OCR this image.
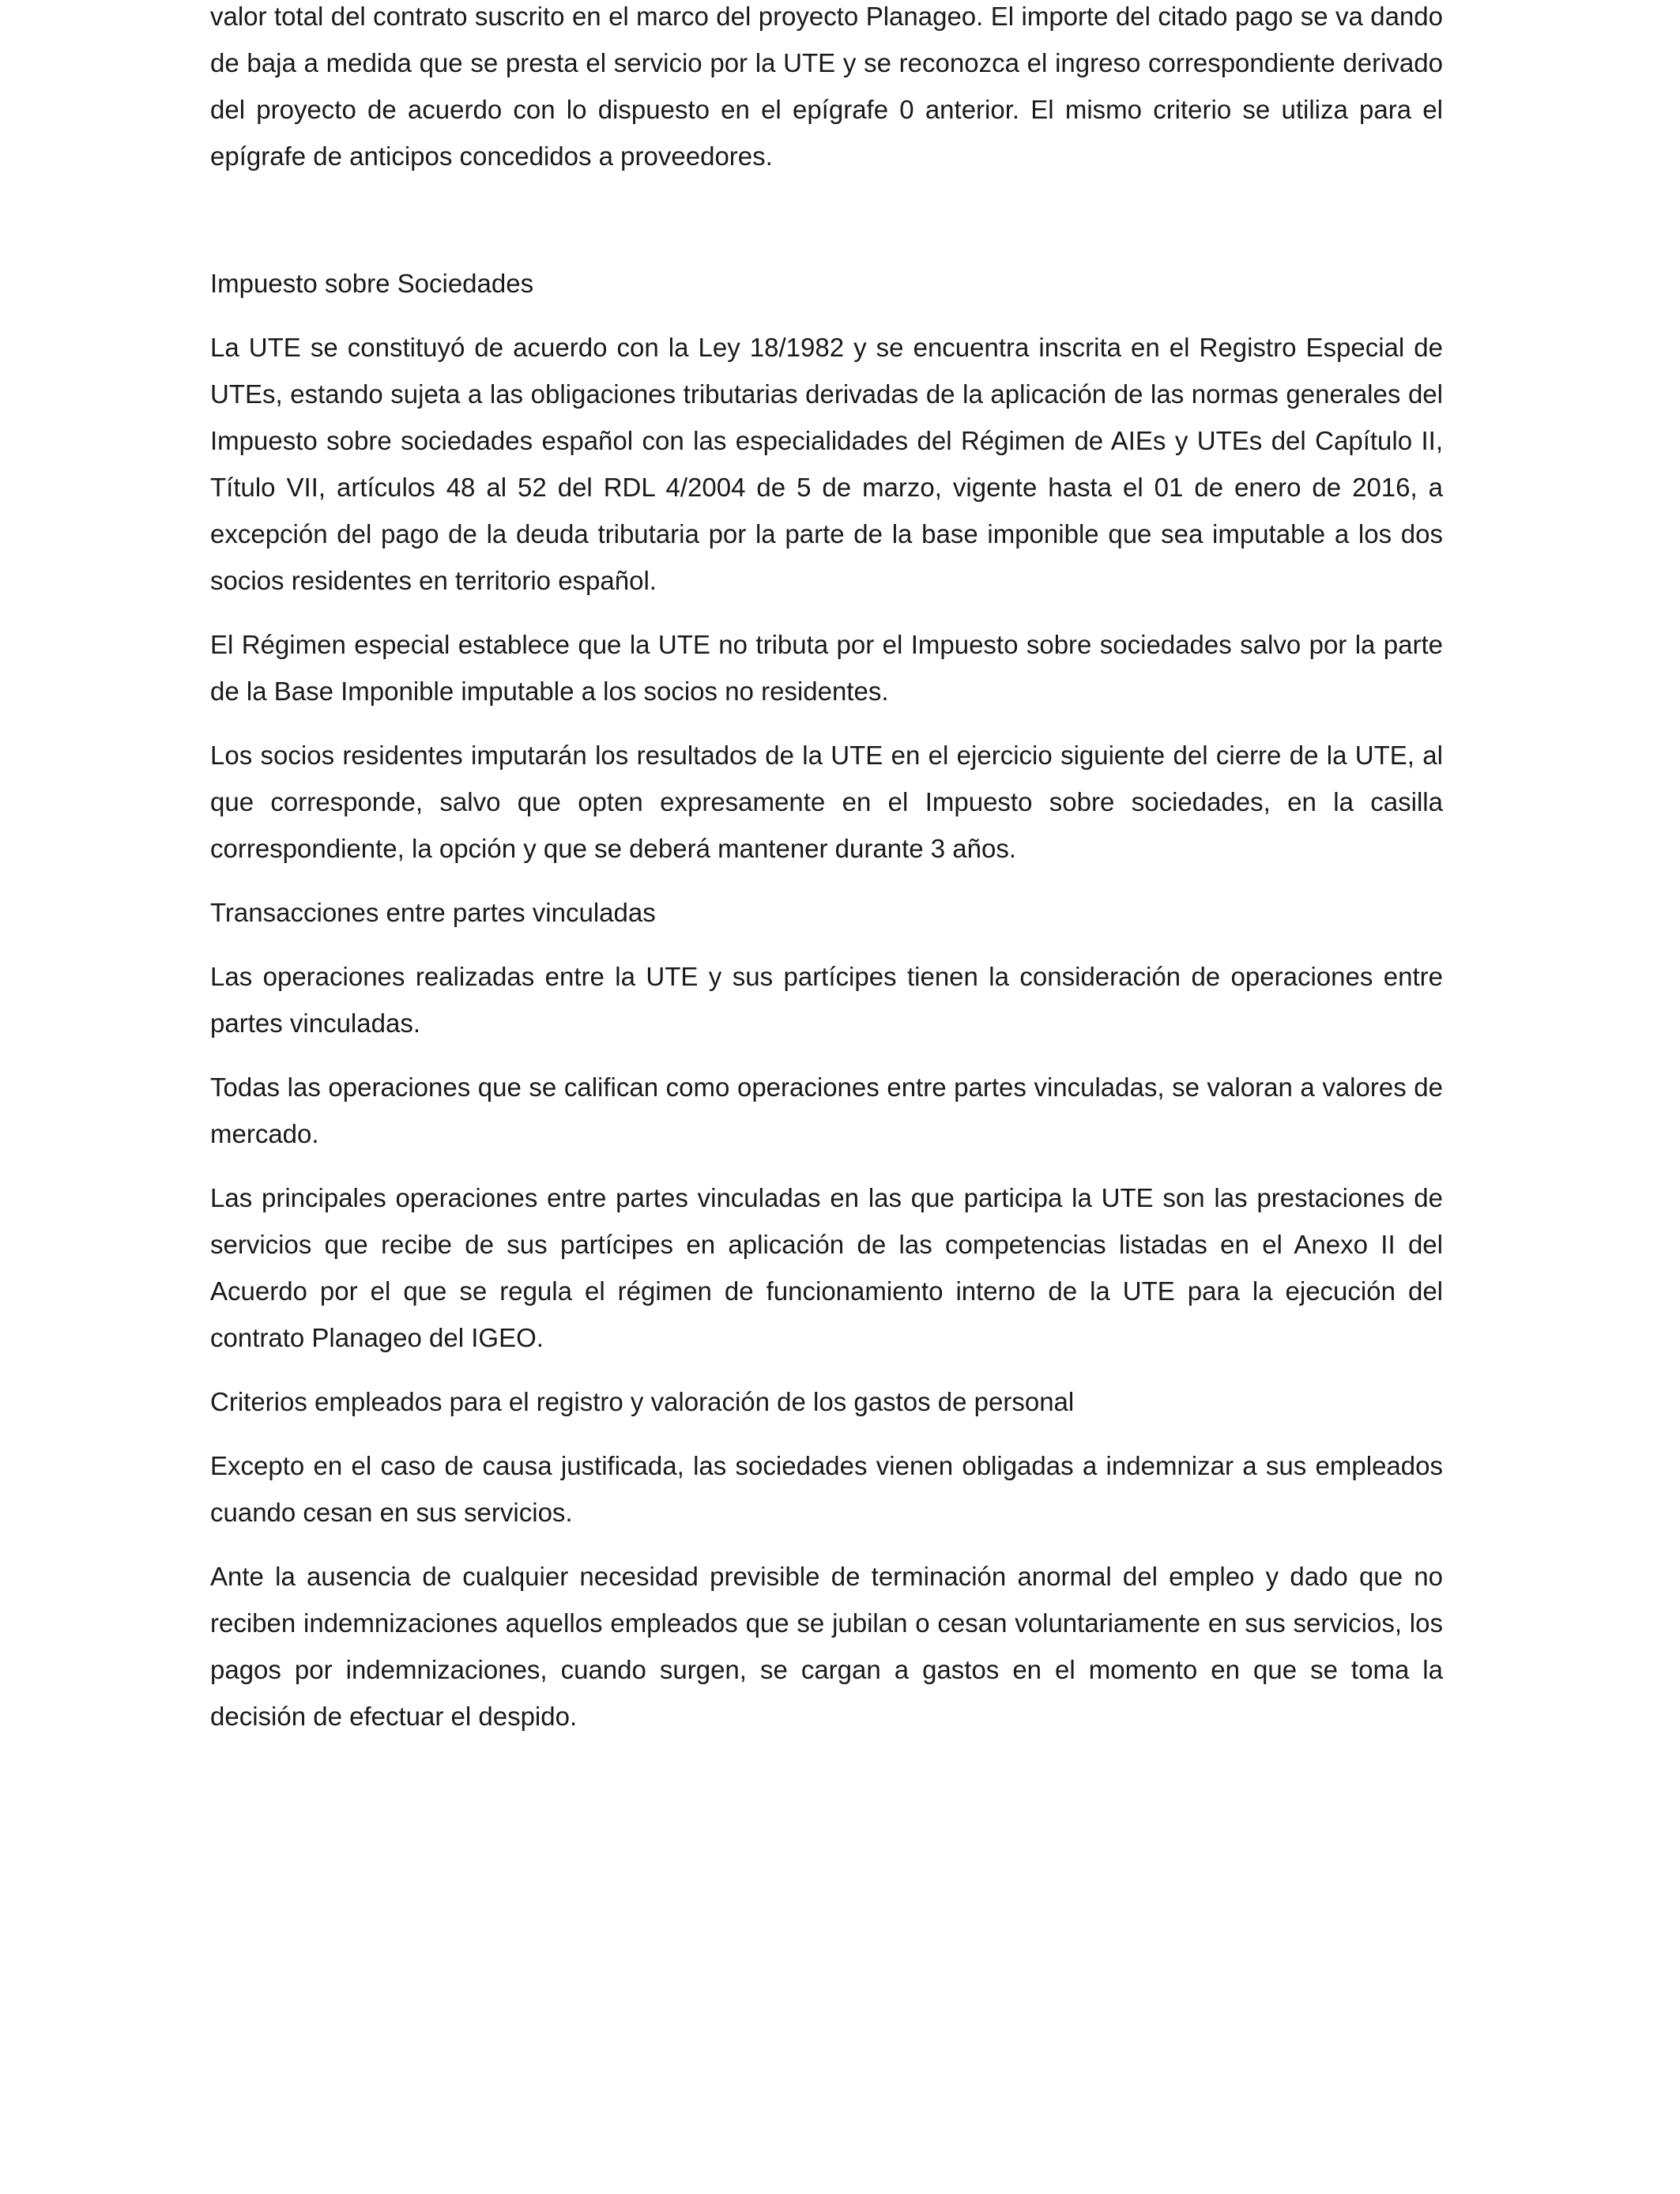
valor total del contrato suscrito en el marco del proyecto Planageo. El importe del citado pago se va dando de baja a medida que se presta el servicio por la UTE y se reconozca el ingreso correspondiente derivado del proyecto de acuerdo con lo dispuesto en el epígrafe 0 anterior. El mismo criterio se utiliza para el epígrafe de anticipos concedidos a proveedores.

Impuesto sobre Sociedades

La UTE se constituyó de acuerdo con la Ley 18/1982 y se encuentra inscrita en el Registro Especial de UTEs, estando sujeta a las obligaciones tributarias derivadas de la aplicación de las normas generales del Impuesto sobre sociedades español con las especialidades del Régimen de AIEs y UTEs del Capítulo II, Título VII, artículos 48 al 52 del RDL 4/2004 de 5 de marzo, vigente hasta el 01 de enero de 2016, a excepción del pago de la deuda tributaria por la parte de la base imponible que sea imputable a los dos socios residentes en territorio español.

El Régimen especial establece que la UTE no tributa por el Impuesto sobre sociedades salvo por la parte de la Base Imponible imputable a los socios no residentes.

Los socios residentes imputarán los resultados de la UTE en el ejercicio siguiente del cierre de la UTE, al que corresponde, salvo que opten expresamente en el Impuesto sobre sociedades, en la casilla correspondiente, la opción y que se deberá mantener durante 3 años.

Transacciones entre partes vinculadas

Las operaciones realizadas entre la UTE y sus partícipes tienen la consideración de operaciones entre partes vinculadas.

Todas las operaciones que se califican como operaciones entre partes vinculadas, se valoran a valores de mercado.

Las principales operaciones entre partes vinculadas en las que participa la UTE son las prestaciones de servicios que recibe de sus partícipes en aplicación de las competencias listadas en el Anexo II del Acuerdo por el que se regula el régimen de funcionamiento interno de la UTE para la ejecución del contrato Planageo del IGEO.

Criterios empleados para el registro y valoración de los gastos de personal

Excepto en el caso de causa justificada, las sociedades vienen obligadas a indemnizar a sus empleados cuando cesan en sus servicios.

Ante la ausencia de cualquier necesidad previsible de terminación anormal del empleo y dado que no reciben indemnizaciones aquellos empleados que se jubilan o cesan voluntariamente en sus servicios, los pagos por indemnizaciones, cuando surgen, se cargan a gastos en el momento en que se toma la decisión de efectuar el despido.
